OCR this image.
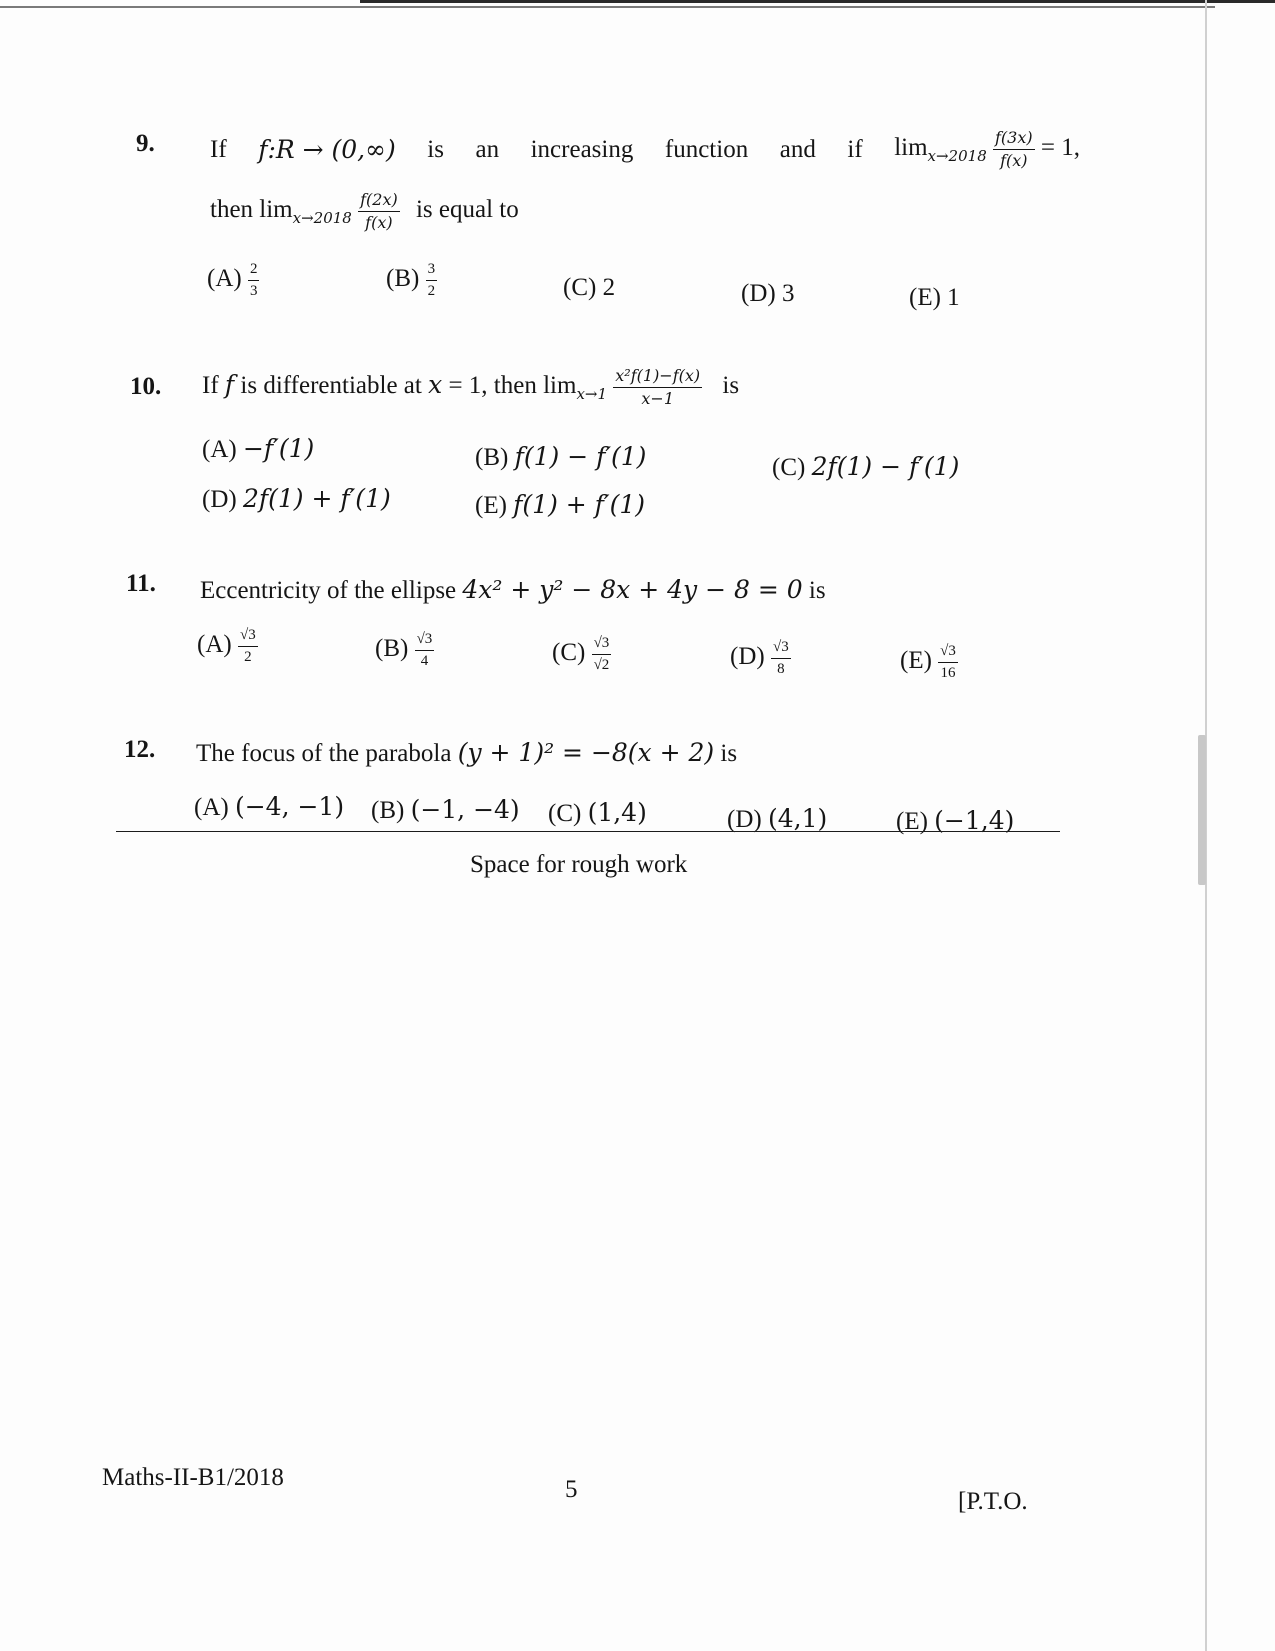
9. If f:R → (0,∞) is an increasing function and if $\lim_{x\to 2018} \frac{f(3x)}{f(x)} = 1$,
then $\lim_{x\to 2018} \frac{f(2x)}{f(x)}$ is equal to
$(A) \frac{2}{3}$	$(B) \frac{3}{2}$	(C) 2	(D) 3	(E) 1
10. If f is differentiable at x = 1, then $\lim_{x\to 1} \frac{\text{x²f(1)−f(x)}}{x-1}$ is
(A) −f′(1)	(B) f(1) − f′(1)	(C) 2f(1) − f′(1)
(D) 2f(1) + f′(1)	(E) f(1) + f′(1)
11. Eccentricity of the ellipse 4x² + y² − 8x + 4y − 8 = 0 is
$(A) \frac{√3}{2}$	$(B) \frac{√3}{4}$	$(C) \frac{√3}{√2}$	$(D) \frac{√3}{8}$	$(E) \frac{√3}{16}$
12. The focus of the parabola (y + 1)² = −8(x + 2) is
(A) (−4, −1) (B) (−1, −4) (C) (1,4)	(D) (4,1)	(E) (−1,4)
Space for rough work
Maths-II-B1/2018	5	[P.T.O.
